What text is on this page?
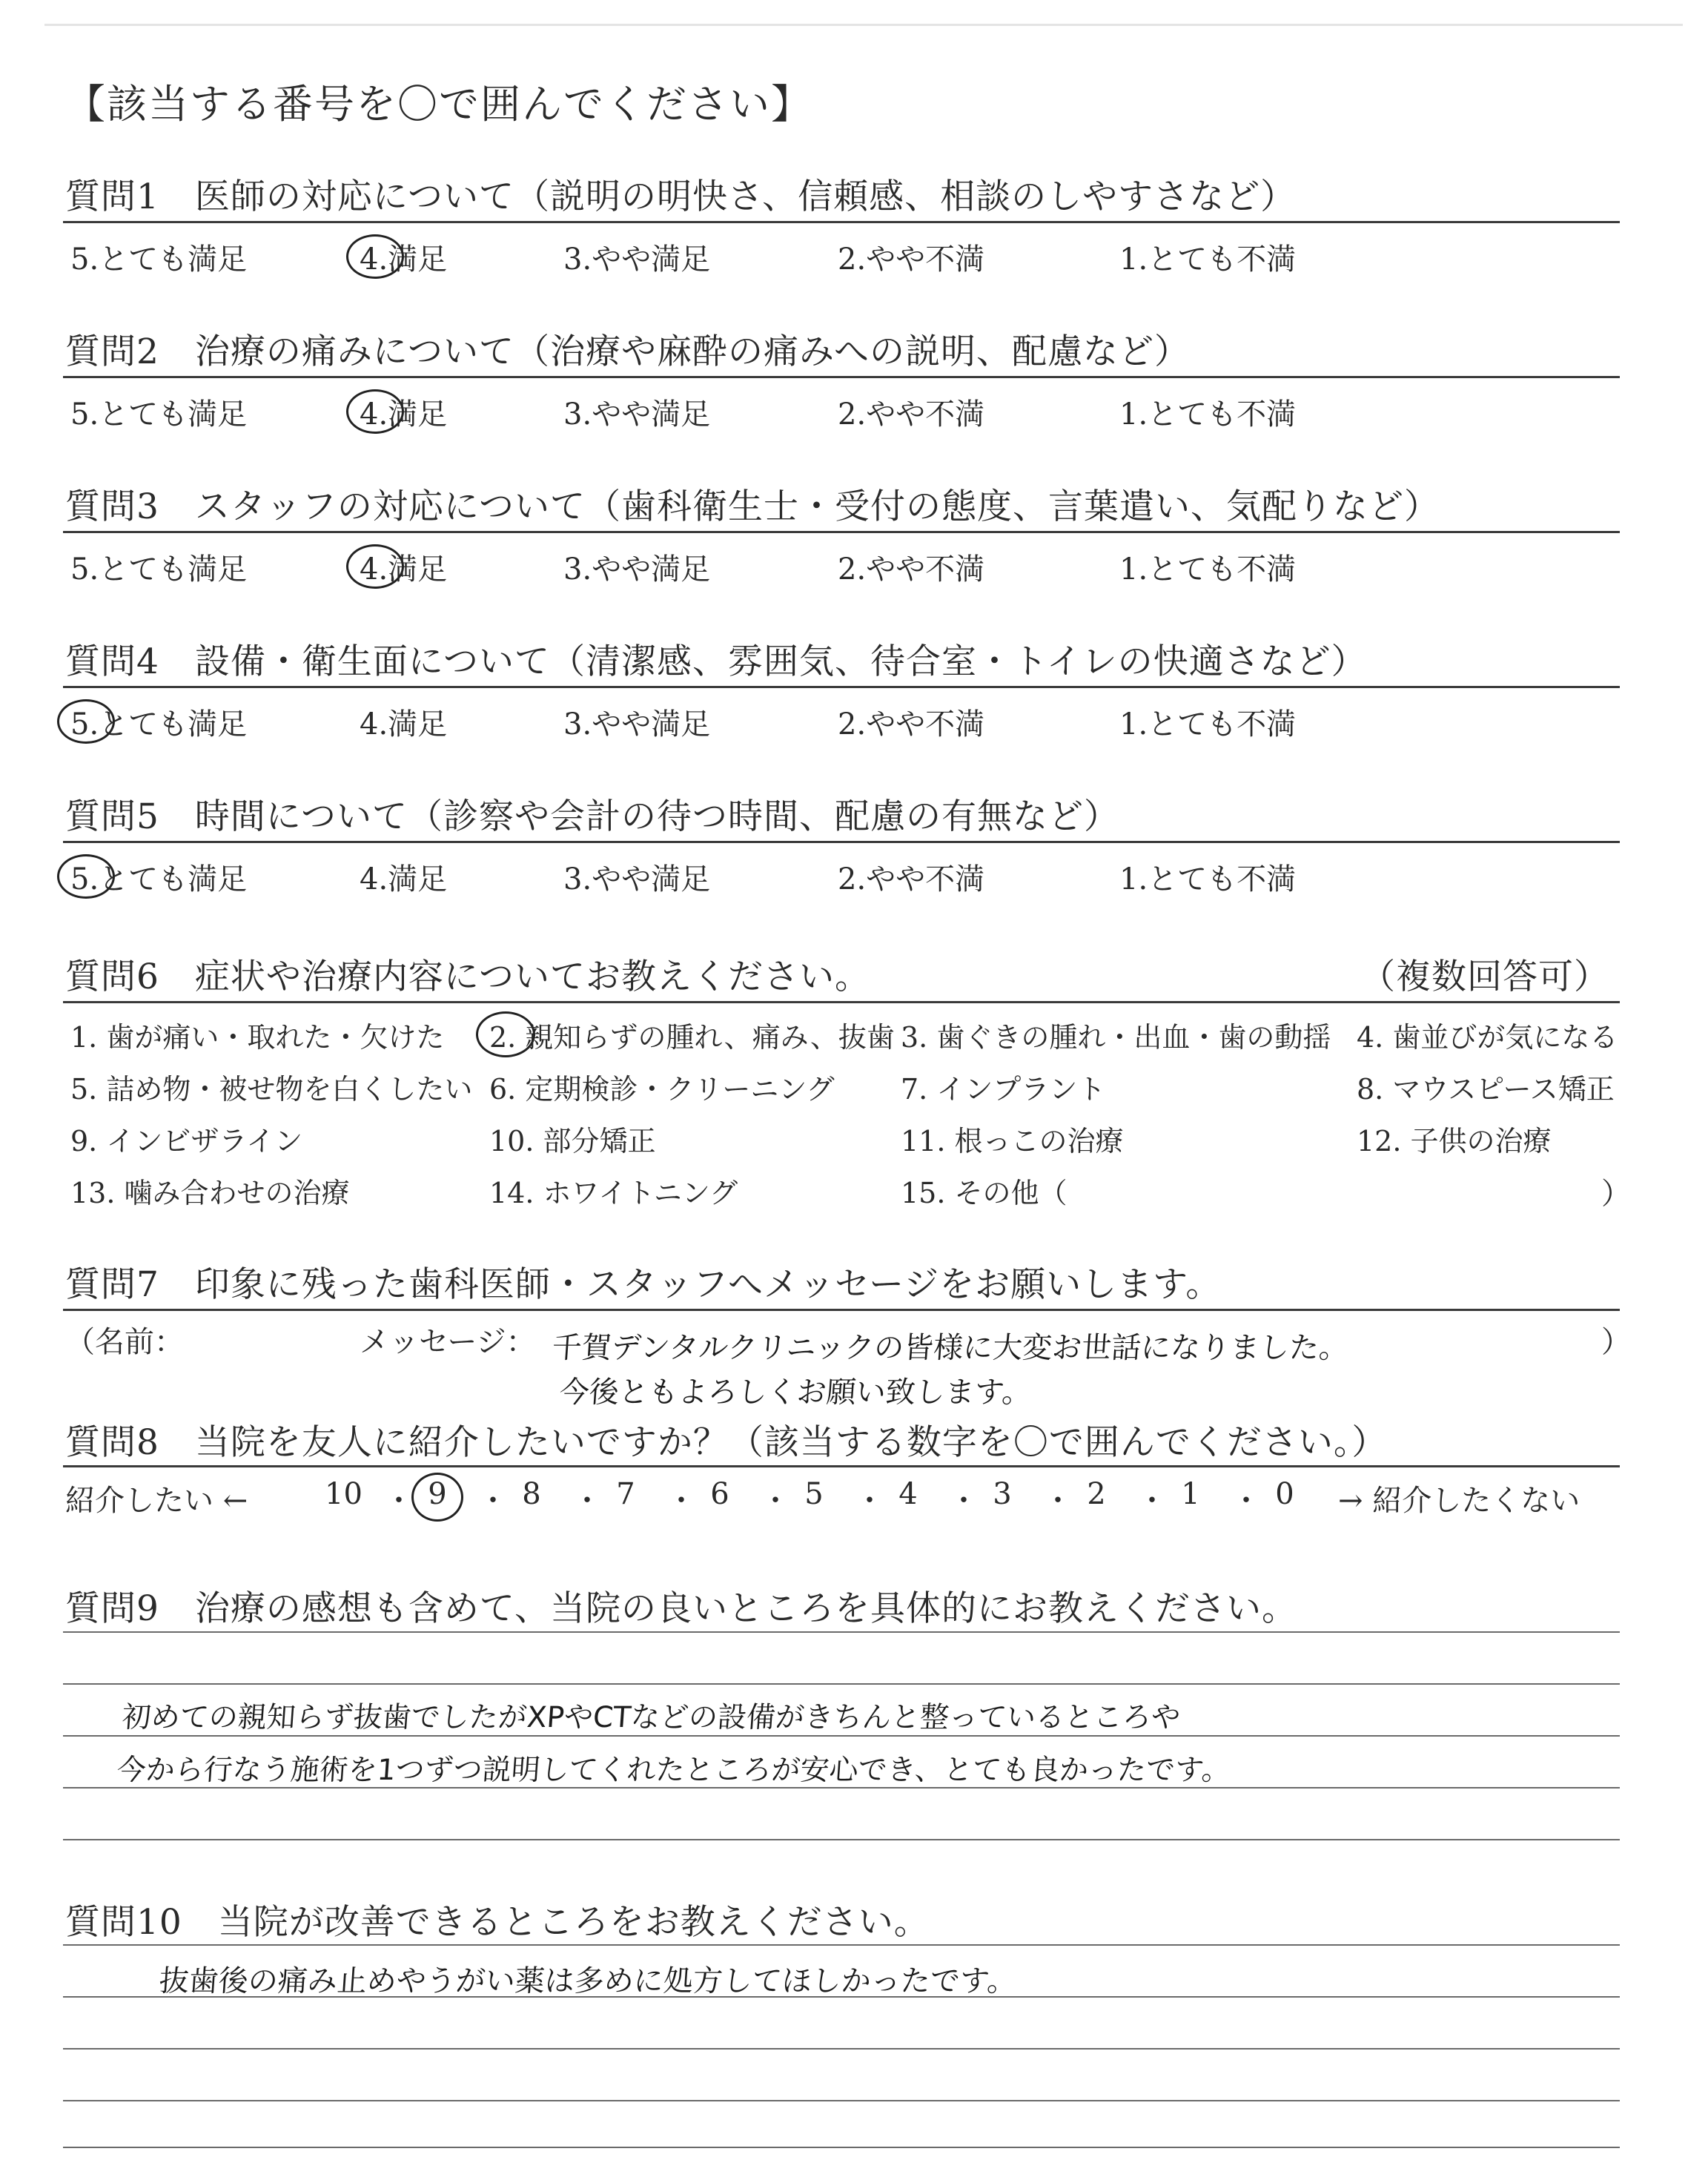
【該当する番号を〇で囲んでください】
質問1　医師の対応について（説明の明快さ、信頼感、相談のしやすさなど）
5.とても満足	4.満足	3.やや満足	2.やや不満	1.とても不満
質問2　治療の痛みについて（治療や麻酔の痛みへの説明、配慮など）
5.とても満足	4.満足	3.やや満足	2.やや不満	1.とても不満
質問3　スタッフの対応について（歯科衛生士・受付の態度、言葉遣い、気配りなど）
5.とても満足	4.満足	3.やや満足	2.やや不満	1.とても不満
質問4　設備・衛生面について（清潔感、雰囲気、待合室・トイレの快適さなど）
5.とても満足	4.満足	3.やや満足	2.やや不満	1.とても不満
質問5　時間について（診察や会計の待つ時間、配慮の有無など）
5.とても満足	4.満足	3.やや満足	2.やや不満	1.とても不満
質問6　症状や治療内容についてお教えください。	（複数回答可）
1. 歯が痛い・取れた・欠けた 2. 親知らずの腫れ、痛み、抜歯 3. 歯ぐきの腫れ・出血・歯の動揺 4. 歯並びが気になる
5. 詰め物・被せ物を白くしたい 6. 定期検診・クリーニング 7. インプラント	8. マウスピース矯正
9. インビザライン	10. 部分矯正	11. 根っこの治療	12. 子供の治療
13. 噛み合わせの治療	14. ホワイトニング	15. その他（	）
質問7　印象に残った歯科医師・スタッフへメッセージをお願いします。
（名前：	メッセージ：	）
千賀デンタルクリニックの皆様に大変お世話になりました。
今後ともよろしくお願い致します。
質問8　当院を友人に紹介したいですか？（該当する数字を〇で囲んでください。）
紹介したい ←	→ 紹介したくない
10 ・ 9	・ 8	・ 7	・ 6	・ 5	・ 4	・ 3	・ 2	・ 1	・ 0
質問9　治療の感想も含めて、当院の良いところを具体的にお教えください。
初めての親知らず抜歯でしたがXPやCTなどの設備がきちんと整っているところや
今から行なう施術を1つずつ説明してくれたところが安心でき、とても良かったです。
質問10　当院が改善できるところをお教えください。
抜歯後の痛み止めやうがい薬は多めに処方してほしかったです。
